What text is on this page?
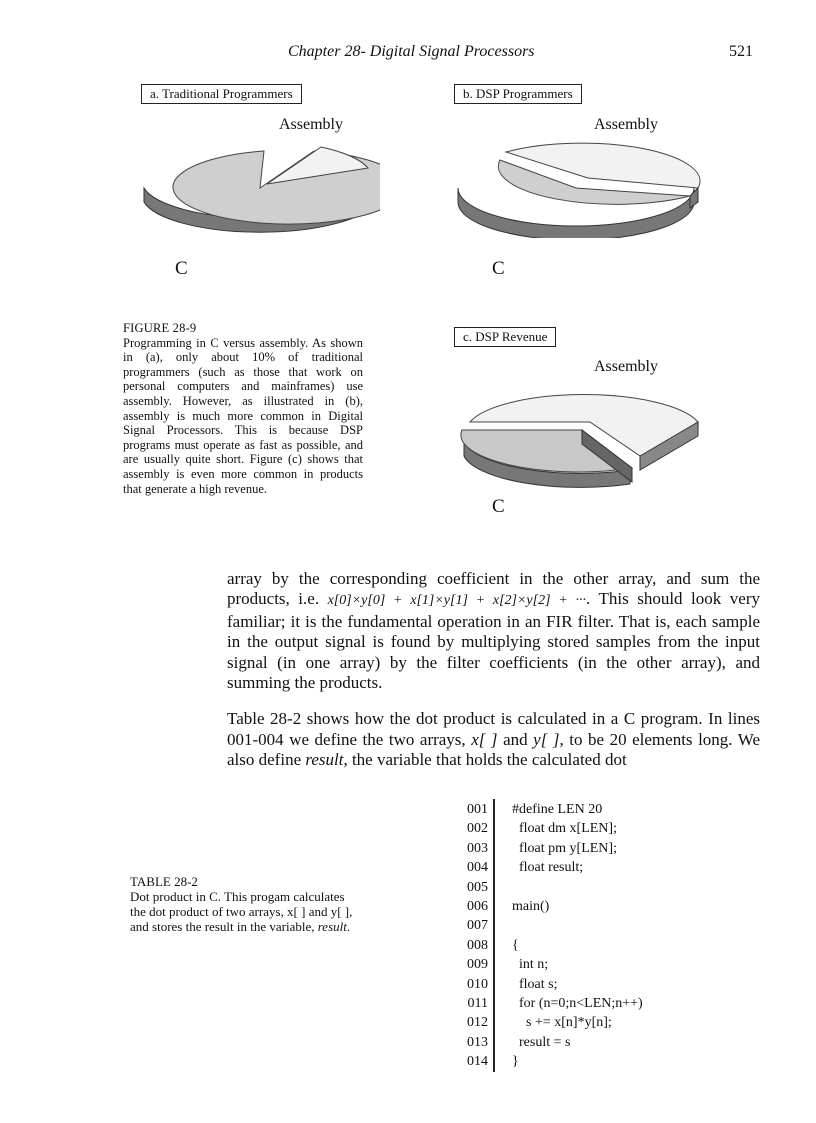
Chapter 28- Digital Signal Processors	521
a. Traditional Programmers
Assembly
C
b. DSP Programmers
Assembly
C
FIGURE 28-9

Programming in C versus assembly. As shown in (a), only about 10% of traditional programmers (such as those that work on personal computers and mainframes) use assembly. However, as illustrated in (b), assembly is much more common in Digital Signal Processors. This is because DSP programs must operate as fast as possible, and are usually quite short. Figure (c) shows that assembly is even more common in products that generate a high revenue.

c. DSP Revenue
Assembly
C

array by the corresponding coefficient in the other array, and sum the products, i.e. x[0]×y[0] + x[1]×y[1] + x[2]×y[2] + ···. This should look very familiar; it is the fundamental operation in an FIR filter. That is, each sample in the output signal is found by multiplying stored samples from the input signal (in one array) by the filter coefficients (in the other array), and summing the products.

Table 28-2 shows how the dot product is calculated in a C program. In lines 001-004 we define the two arrays, x[ ] and y[ ], to be 20 elements long. We also define result, the variable that holds the calculated dot

TABLE 28-2
Dot product in C. This progam calculates
the dot product of two arrays, x[ ] and y[ ],
and stores the result in the variable, result.
001
002
003
004
005
006
007
008
009
010
011
012
013
014
#define LEN 20
float dm x[LEN];
float pm y[LEN];
float result;

main()

{
int n;
float s;
for (n=0;n<LEN;n++)
s += x[n]*y[n];
result = s
}
